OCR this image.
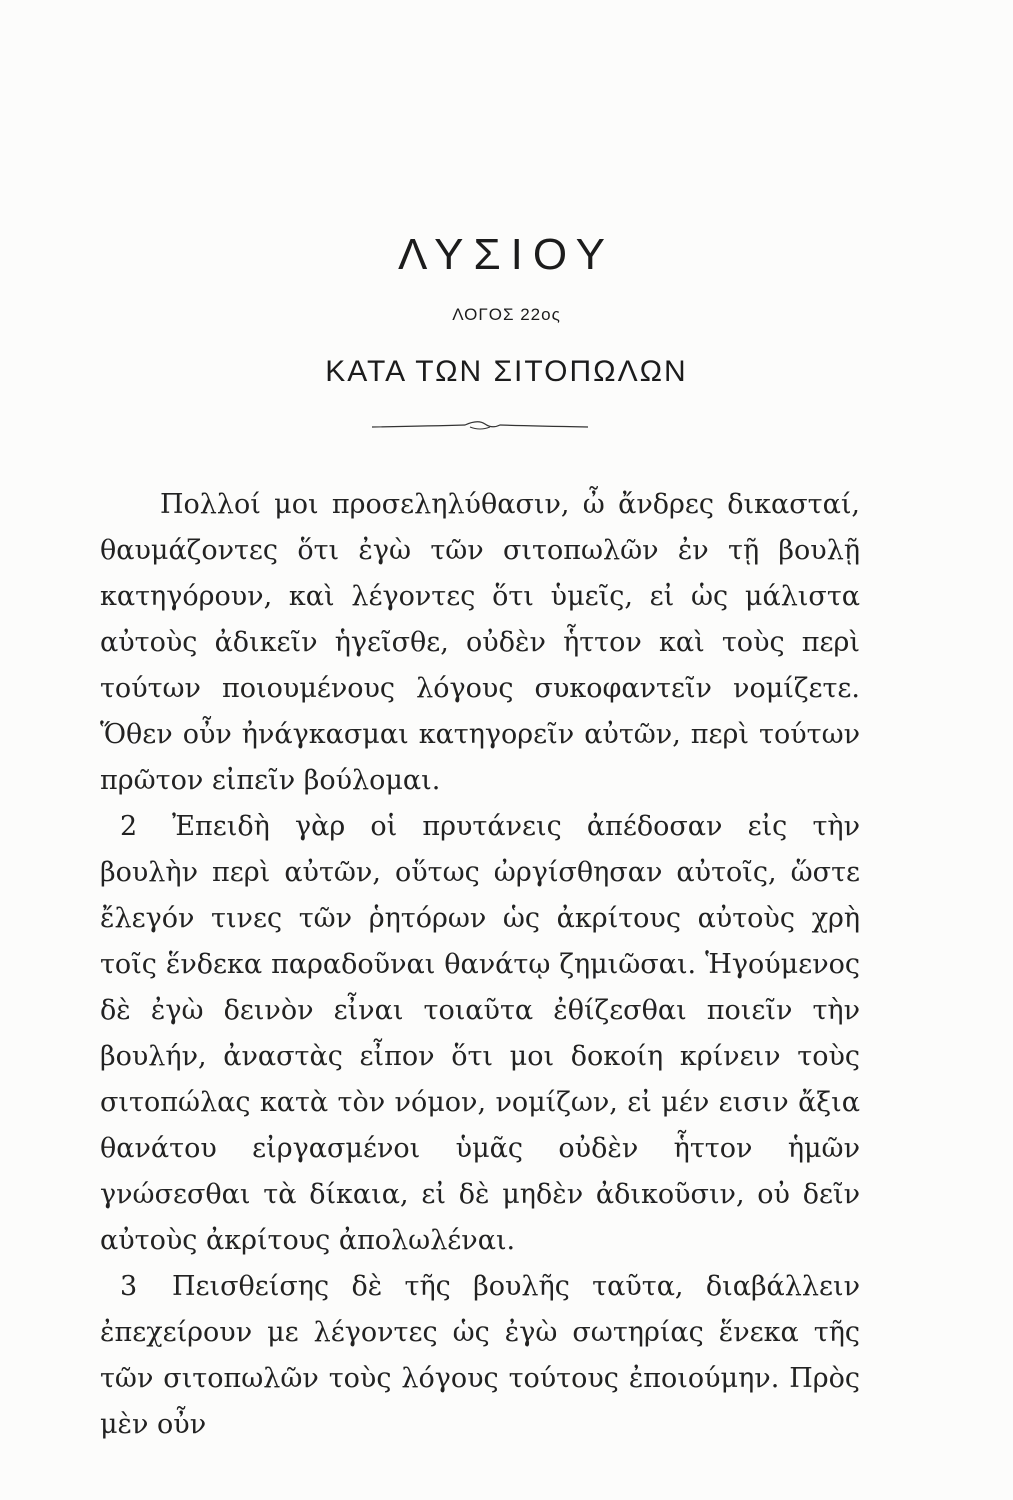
ΛΥΣΙΟΥ
ΛΟΓΟΣ 22ος
ΚΑΤΑ ΤΩΝ ΣΙΤΟΠΩΛΩΝ

Πολλοί μοι προσεληλύθασιν, ὦ ἄνδρες δικασταί, θαυμάζοντες ὅτι ἐγὼ τῶν σιτοπωλῶν ἐν τῇ βουλῇ κατηγόρουν, καὶ λέγοντες ὅτι ὑμεῖς, εἰ ὡς μάλιστα αὐτοὺς ἀδικεῖν ἡγεῖσθε, οὐδὲν ἧττον καὶ τοὺς περὶ τούτων ποιουμένους λόγους συκοφαντεῖν νομίζετε. Ὅθεν οὖν ἠνάγκασμαι κατηγορεῖν αὐτῶν, περὶ τούτων πρῶτον εἰπεῖν βούλομαι.

2 Ἐπειδὴ γὰρ οἱ πρυτάνεις ἀπέδοσαν εἰς τὴν βουλὴν περὶ αὐτῶν, οὕτως ὠργίσθησαν αὐτοῖς, ὥστε ἔλεγόν τινες τῶν ῥητόρων ὡς ἀκρίτους αὐτοὺς χρὴ τοῖς ἕνδεκα παραδοῦναι θανάτῳ ζημιῶσαι. Ἡγούμενος δὲ ἐγὼ δεινὸν εἶναι τοιαῦτα ἐθίζεσθαι ποιεῖν τὴν βουλήν, ἀναστὰς εἶπον ὅτι μοι δοκοίη κρίνειν τοὺς σιτοπώλας κατὰ τὸν νόμον, νομίζων, εἰ μέν εισιν ἄξια θανάτου εἰργασμένοι ὑμᾶς οὐδὲν ἧττον ἡμῶν γνώσεσθαι τὰ δίκαια, εἰ δὲ μηδὲν ἀδικοῦσιν, οὐ δεῖν αὐτοὺς ἀκρίτους ἀπολωλέναι.

3 Πεισθείσης δὲ τῆς βουλῆς ταῦτα, διαβάλλειν ἐπεχείρουν με λέγοντες ὡς ἐγὼ σωτηρίας ἕνεκα τῆς τῶν σιτοπωλῶν τοὺς λόγους τούτους ἐποιούμην. Πρὸς μὲν οὖν
